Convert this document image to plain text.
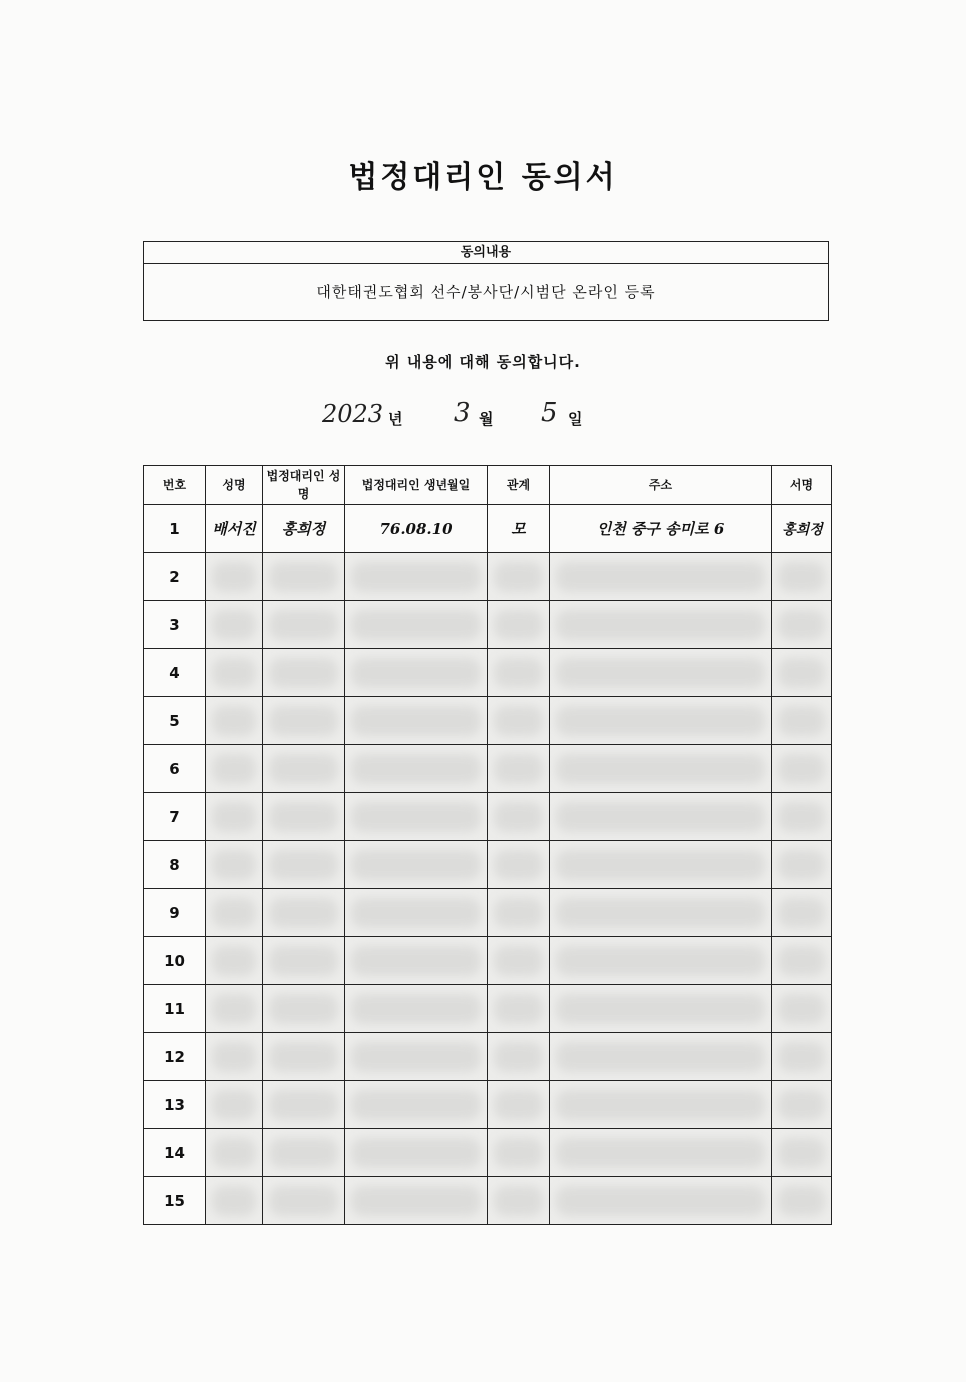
법정대리인 동의서
동의내용
대한태권도협회 선수/봉사단/시범단 온라인 등록
위 내용에 대해 동의합니다.
2023 년 3 월 5 일
번호	성명	법정대리인 성명	법정대리인 생년월일	관계	주소	서명
1	배서진	홍희정	76.08.10	모	인천 중구 송미로 6	홍희정
2	

3	

4	

5	

6	

7	

8	

9	

10	

11	

12	

13	

14	

15	
